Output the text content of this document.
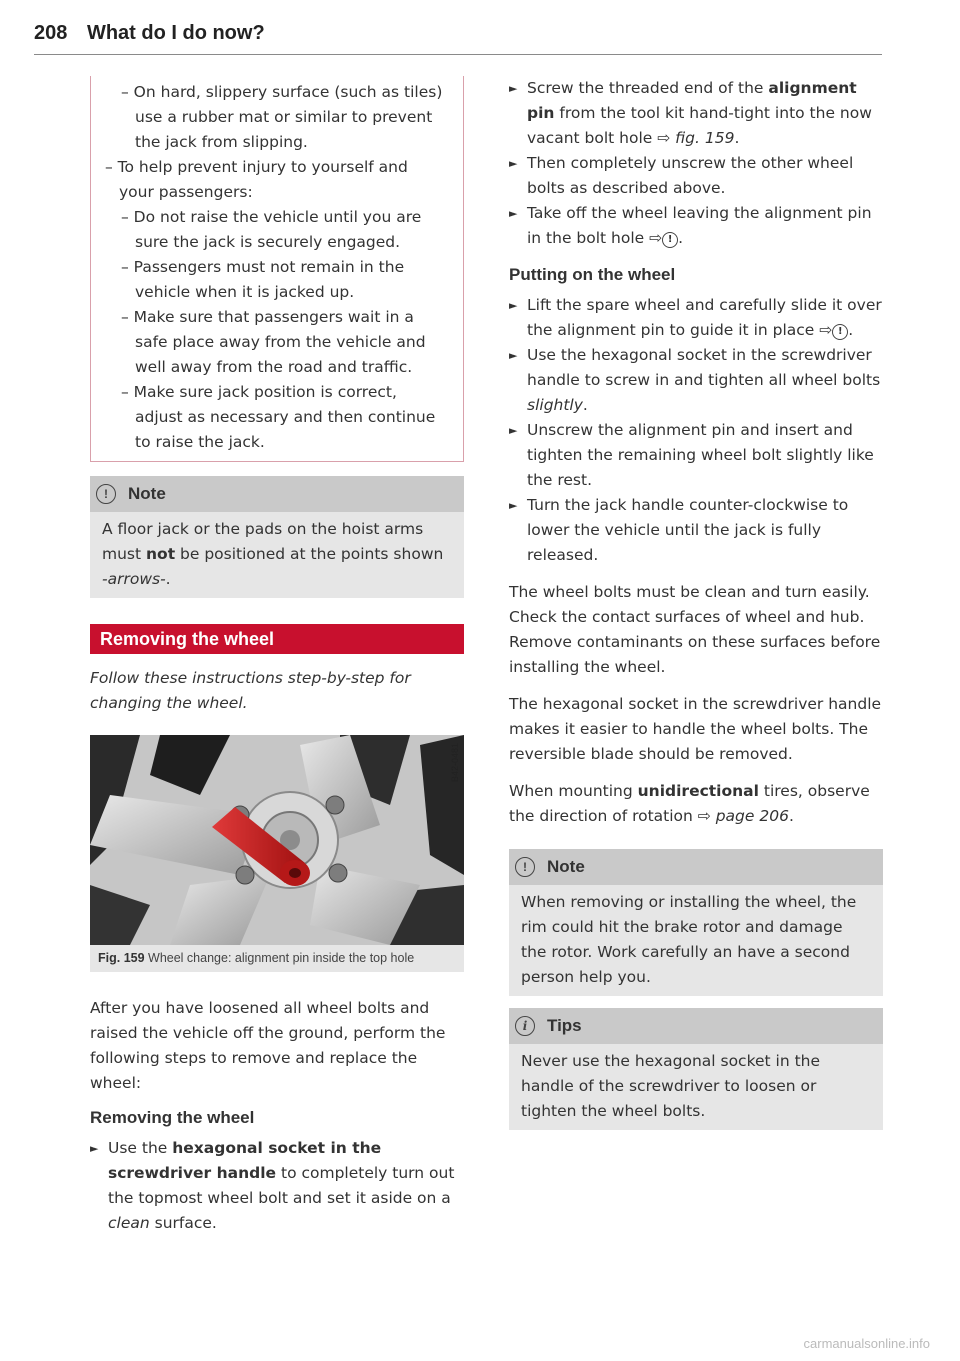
208 What do I do now?
– On hard, slippery surface (such as tiles) use a rubber mat or similar to prevent the jack from slipping.
– To help prevent injury to yourself and your passengers:
– Do not raise the vehicle until you are sure the jack is securely engaged.
– Passengers must not remain in the vehicle when it is jacked up.
– Make sure that passengers wait in a safe place away from the vehicle and well away from the road and traffic.
– Make sure jack position is correct, adjust as necessary and then continue to raise the jack.
!	Note

A floor jack or the pads on the hoist arms must not be positioned at the points shown -arrows-.

Removing the wheel

Follow these instructions step-by-step for changing the wheel.

B42-0481
Fig. 159 Wheel change: alignment pin inside the top hole

After you have loosened all wheel bolts and raised the vehicle off the ground, perform the following steps to remove and replace the wheel:

Removing the wheel
► Use the hexagonal socket in the screwdriver handle to completely turn out the topmost wheel bolt and set it aside on a clean surface.
► Screw the threaded end of the alignment pin from the tool kit hand-tight into the now vacant bolt hole ⇨ fig. 159.
► Then completely unscrew the other wheel bolts as described above.
► Take off the wheel leaving the alignment pin in the bolt hole ⇨ ! .
Putting on the wheel
► Lift the spare wheel and carefully slide it over the alignment pin to guide it in place ⇨ ! .
► Use the hexagonal socket in the screwdriver handle to screw in and tighten all wheel bolts slightly.
► Unscrew the alignment pin and insert and tighten the remaining wheel bolt slightly like the rest.
► Turn the jack handle counter-clockwise to lower the vehicle until the jack is fully released.

The wheel bolts must be clean and turn easily. Check the contact surfaces of wheel and hub. Remove contaminants on these surfaces before installing the wheel.

The hexagonal socket in the screwdriver handle makes it easier to handle the wheel bolts. The reversible blade should be removed.

When mounting unidirectional tires, observe the direction of rotation ⇨ page 206.

!	Note

When removing or installing the wheel, the rim could hit the brake rotor and damage the rotor. Work carefully an have a second person help you.

i	Tips

Never use the hexagonal socket in the handle of the screwdriver to loosen or tighten the wheel bolts.

carmanualsonline.info
